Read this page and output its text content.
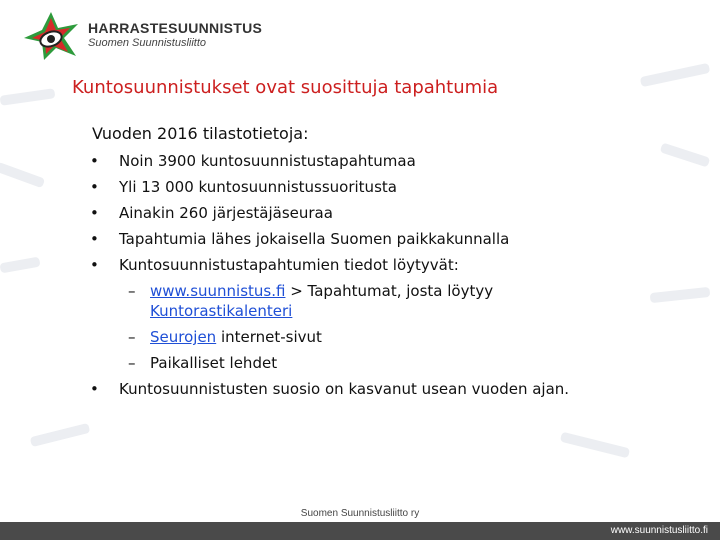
HARRASTESUUNNISTUS
Suomen Suunnistusliitto
Kuntosuunnistukset ovat suosittuja tapahtumia
Vuoden 2016 tilastotietoja:
• Noin 3900 kuntosuunnistustapahtumaa
• Yli 13 000 kuntosuunnistussuoritusta
• Ainakin 260 järjestäjäseuraa
• Tapahtumia lähes jokaisella Suomen paikkakunnalla
• Kuntosuunnistustapahtumien tiedot löytyvät:
– www.suunnistus.fi > Tapahtumat, josta löytyy
Kuntorastikalenteri
– Seurojen internet-sivut
– Paikalliset lehdet
• Kuntosuunnistusten suosio on kasvanut usean vuoden ajan.
Suomen Suunnistusliitto ry
www.suunnistusliitto.fi
